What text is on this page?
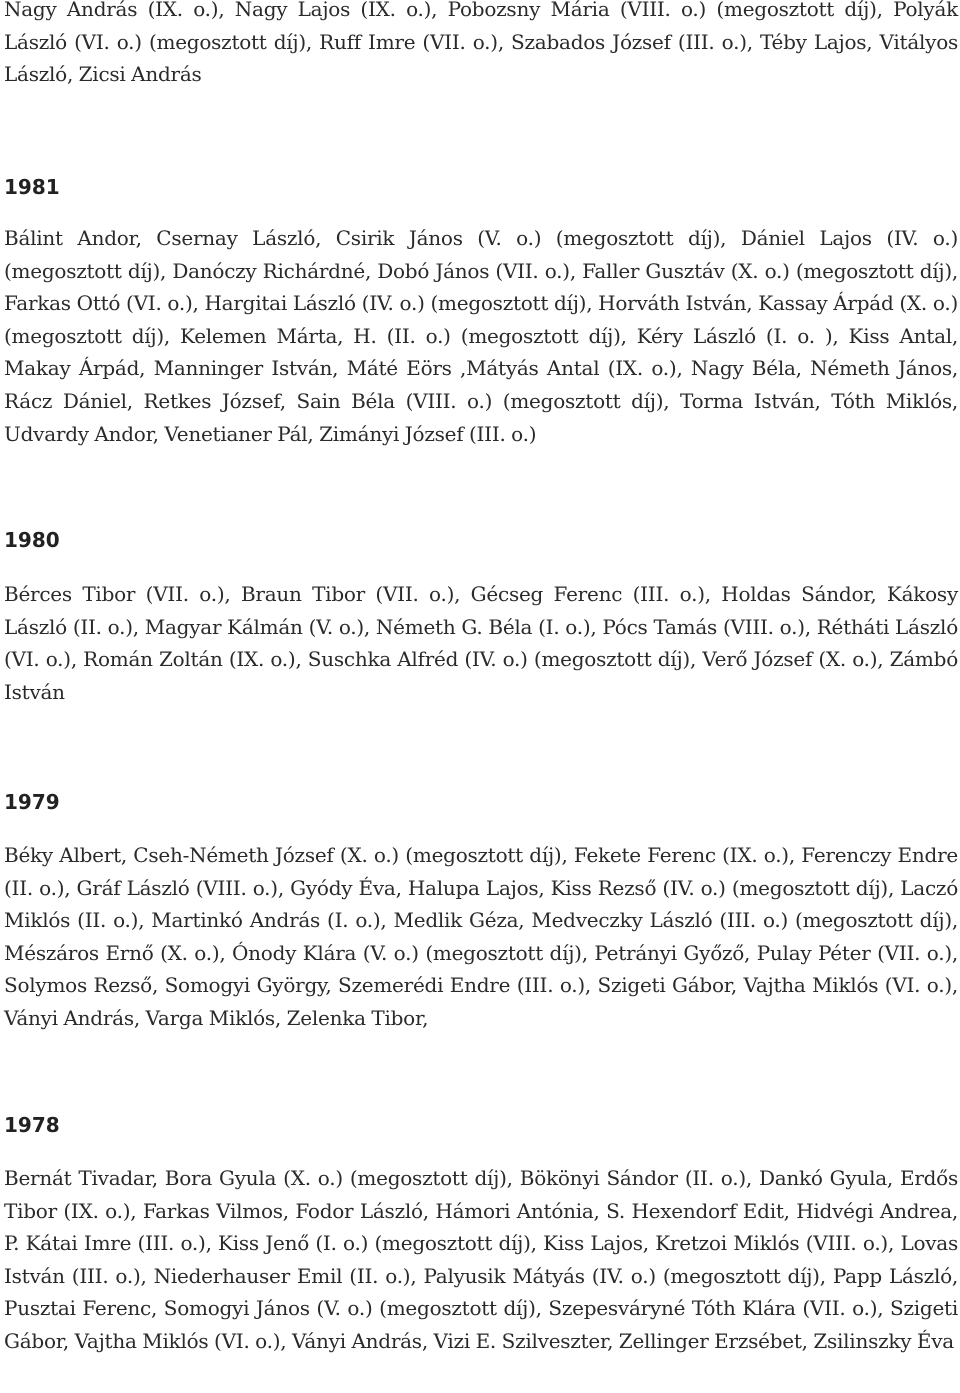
Nagy András (IX. o.), Nagy Lajos (IX. o.), Pobozsny Mária (VIII. o.) (megosztott díj), Polyák László (VI. o.) (megosztott díj), Ruff Imre (VII. o.), Szabados József (III. o.), Téby Lajos, Vitályos László, Zicsi András

1981

Bálint Andor, Csernay László, Csirik János (V. o.) (megosztott díj), Dániel Lajos (IV. o.) (megosztott díj), Danóczy Richárdné, Dobó János (VII. o.), Faller Gusztáv (X. o.) (megosztott díj), Farkas Ottó (VI. o.), Hargitai László (IV. o.) (megosztott díj), Horváth István, Kassay Árpád (X. o.) (megosztott díj), Kelemen Márta, H. (II. o.) (megosztott díj), Kéry László (I. o. ), Kiss Antal, Makay Árpád, Manninger István, Máté Eörs ,Mátyás Antal (IX. o.), Nagy Béla, Németh János, Rácz Dániel, Retkes József, Sain Béla (VIII. o.) (megosztott díj), Torma István, Tóth Miklós, Udvardy Andor, Venetianer Pál, Zimányi József (III. o.)

1980

Bérces Tibor (VII. o.), Braun Tibor (VII. o.), Gécseg Ferenc (III. o.), Holdas Sándor, Kákosy László (II. o.), Magyar Kálmán (V. o.), Németh G. Béla (I. o.), Pócs Tamás (VIII. o.), Rétháti László (VI. o.), Román Zoltán (IX. o.), Suschka Alfréd (IV. o.) (megosztott díj), Verő József (X. o.), Zámbó István

1979

Béky Albert, Cseh-Németh József (X. o.) (megosztott díj), Fekete Ferenc (IX. o.), Ferenczy Endre (II. o.), Gráf László (VIII. o.), Gyódy Éva, Halupa Lajos, Kiss Rezső (IV. o.) (megosztott díj), Laczó Miklós (II. o.), Martinkó András (I. o.), Medlik Géza, Medveczky László (III. o.) (megosztott díj), Mészáros Ernő (X. o.), Ónody Klára (V. o.) (megosztott díj), Petrányi Győző, Pulay Péter (VII. o.), Solymos Rezső, Somogyi György, Szemerédi Endre (III. o.), Szigeti Gábor, Vajtha Miklós (VI. o.), Ványi András, Varga Miklós, Zelenka Tibor,

1978

Bernát Tivadar, Bora Gyula (X. o.) (megosztott díj), Bökönyi Sándor (II. o.), Dankó Gyula, Erdős Tibor (IX. o.), Farkas Vilmos, Fodor László, Hámori Antónia, S. Hexendorf Edit, Hidvégi Andrea, P. Kátai Imre (III. o.), Kiss Jenő (I. o.) (megosztott díj), Kiss Lajos, Kretzoi Miklós (VIII. o.), Lovas István (III. o.), Niederhauser Emil (II. o.), Palyusik Mátyás (IV. o.) (megosztott díj), Papp László, Pusztai Ferenc, Somogyi János (V. o.) (megosztott díj), Szepesváryné Tóth Klára (VII. o.), Szigeti Gábor, Vajtha Miklós (VI. o.), Ványi András, Vizi E. Szilveszter, Zellinger Erzsébet, Zsilinszky Éva
